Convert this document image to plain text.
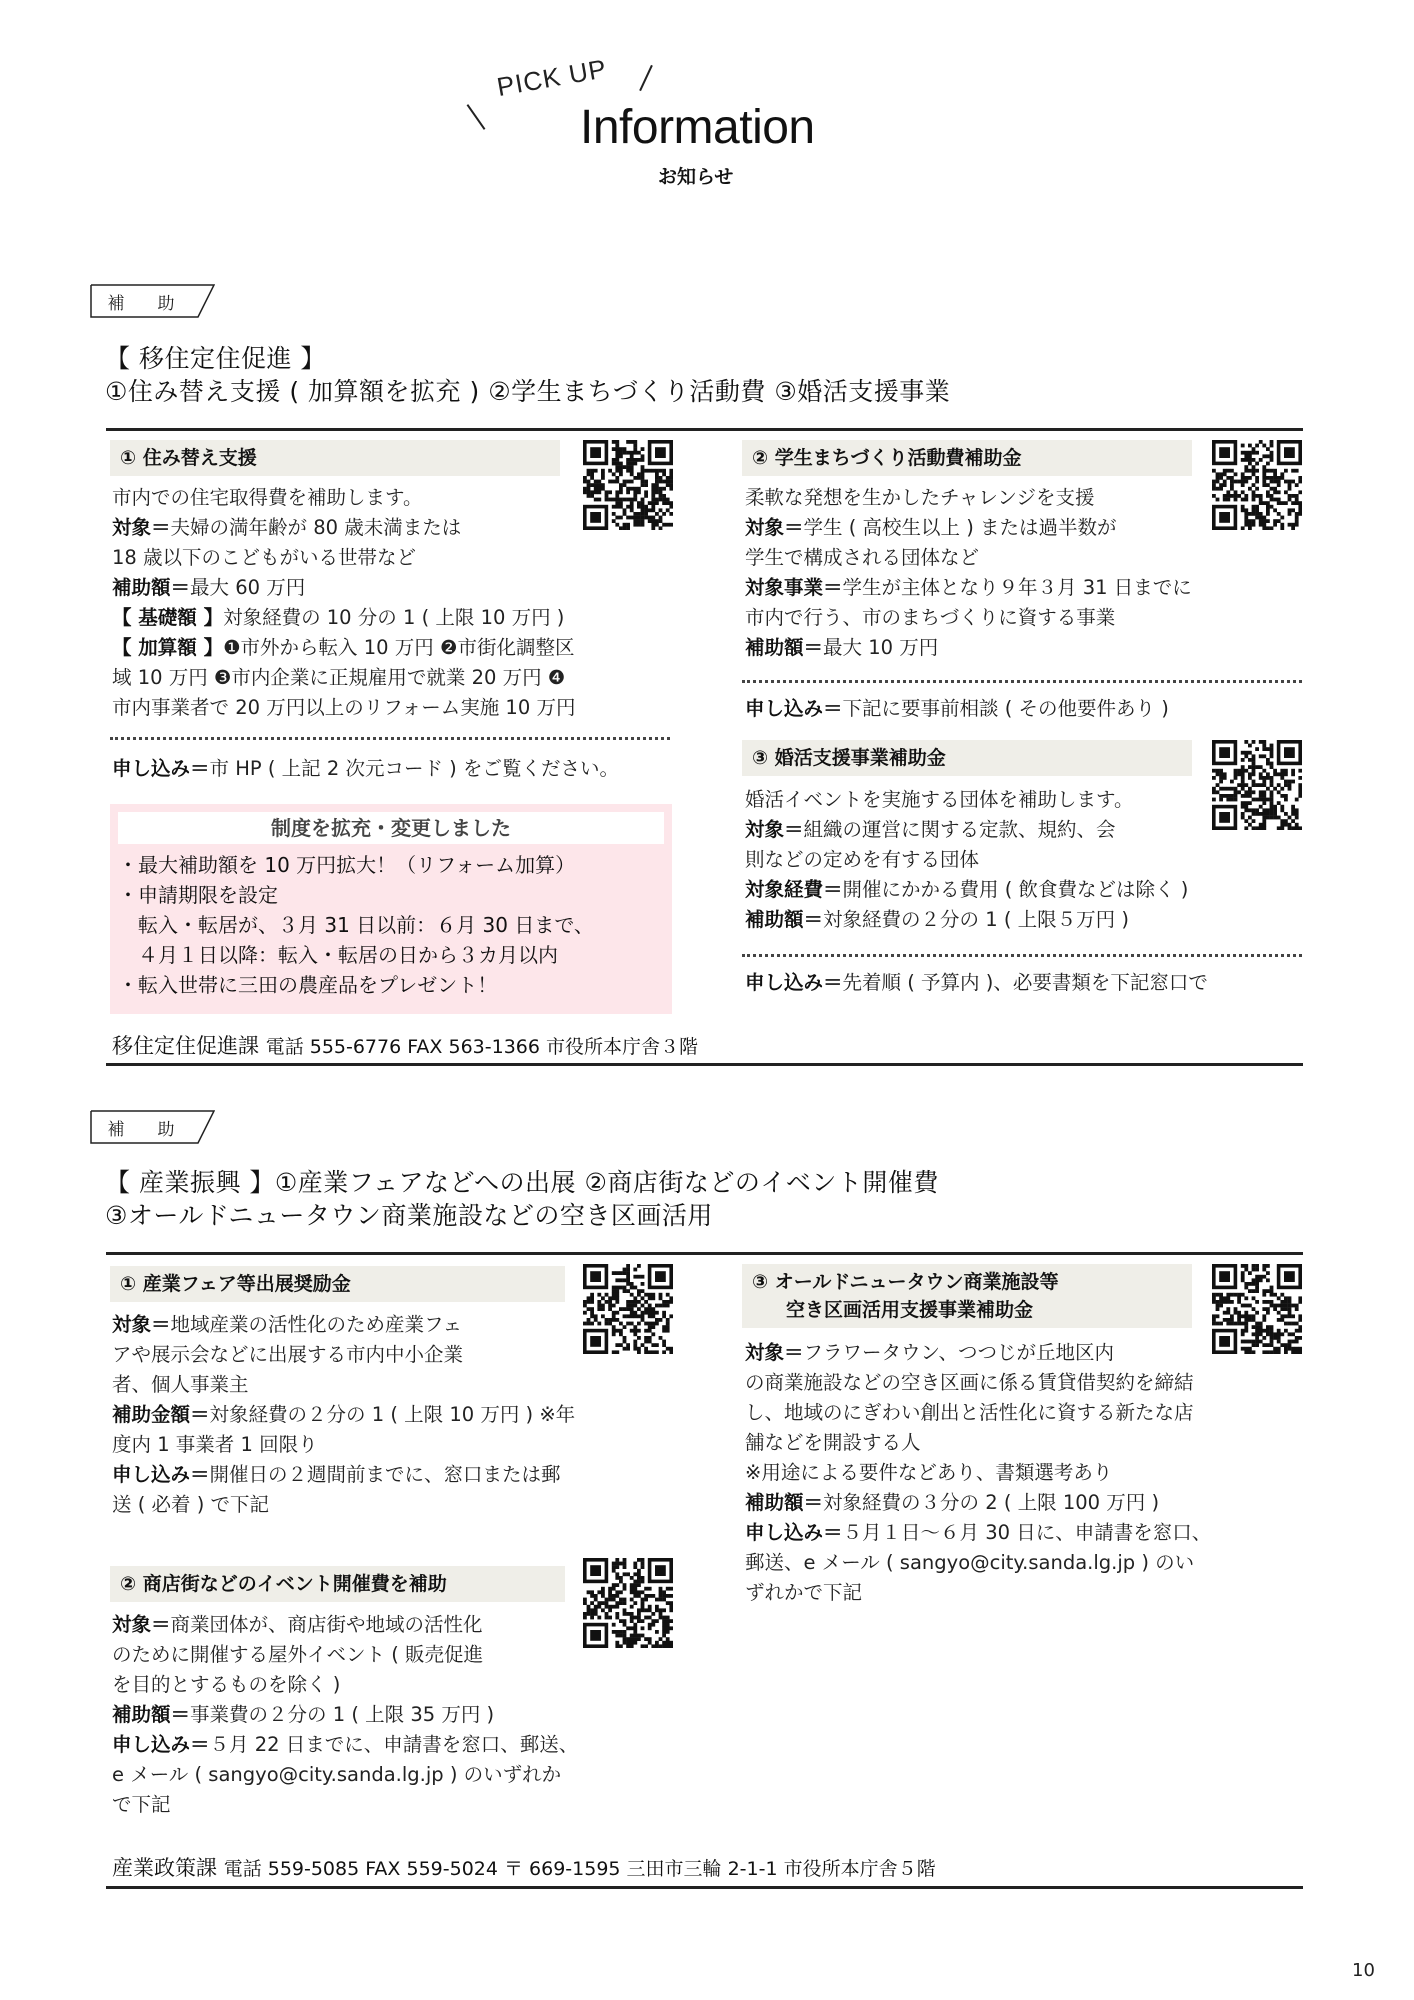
PICK UP
Information
お知らせ
補　助
【 移住定住促進 】
①住み替え支援 ( 加算額を拡充 ) ②学生まちづくり活動費 ③婚活支援事業
① 住み替え支援

市内での住宅取得費を補助します。

対象＝夫婦の満年齢が 80 歳未満または

18 歳以下のこどもがいる世帯など

補助額＝最大 60 万円

【 基礎額 】対象経費の 10 分の 1 ( 上限 10 万円 )

【 加算額 】❶市外から転入 10 万円 ❷市街化調整区

域 10 万円 ❸市内企業に正規雇用で就業 20 万円 ❹

市内事業者で 20 万円以上のリフォーム実施 10 万円

申し込み＝市 HP ( 上記 2 次元コード ) をご覧ください。
制度を拡充・変更しました

・最大補助額を 10 万円拡大！（リフォーム加算）

・申請期限を設定

　転入・転居が、３月 31 日以前：６月 30 日まで、

　４月１日以降：転入・転居の日から３カ月以内

・転入世帯に三田の農産品をプレゼント！

② 学生まちづくり活動費補助金

柔軟な発想を生かしたチャレンジを支援

対象＝学生 ( 高校生以上 ) または過半数が

学生で構成される団体など

対象事業＝学生が主体となり９年３月 31 日までに

市内で行う、市のまちづくりに資する事業

補助額＝最大 10 万円

申し込み＝下記に要事前相談 ( その他要件あり )
③ 婚活支援事業補助金

婚活イベントを実施する団体を補助します。

対象＝組織の運営に関する定款、規約、会

則などの定めを有する団体

対象経費＝開催にかかる費用 ( 飲食費などは除く )

補助額＝対象経費の２分の 1 ( 上限５万円 )

申し込み＝先着順 ( 予算内 )、必要書類を下記窓口で
移住定住促進課 電話 555-6776 FAX 563-1366 市役所本庁舎３階
補　助
【 産業振興 】①産業フェアなどへの出展 ②商店街などのイベント開催費
③オールドニュータウン商業施設などの空き区画活用
① 産業フェア等出展奨励金

対象＝地域産業の活性化のため産業フェ

アや展示会などに出展する市内中小企業

者、個人事業主

補助金額＝対象経費の２分の 1 ( 上限 10 万円 ) ※年

度内 1 事業者 1 回限り

申し込み＝開催日の２週間前までに、窓口または郵

送 ( 必着 ) で下記

② 商店街などのイベント開催費を補助

対象＝商業団体が、商店街や地域の活性化

のために開催する屋外イベント ( 販売促進

を目的とするものを除く )

補助額＝事業費の２分の 1 ( 上限 35 万円 )

申し込み＝５月 22 日までに、申請書を窓口、郵送、

e メール ( sangyo@city.sanda.lg.jp ) のいずれか

で下記

③ オールドニュータウン商業施設等
空き区画活用支援事業補助金

対象＝フラワータウン、つつじが丘地区内

の商業施設などの空き区画に係る賃貸借契約を締結

し、地域のにぎわい創出と活性化に資する新たな店

舗などを開設する人

※用途による要件などあり、書類選考あり

補助額＝対象経費の３分の 2 ( 上限 100 万円 )

申し込み＝５月１日～６月 30 日に、申請書を窓口、

郵送、e メール ( sangyo@city.sanda.lg.jp ) のい

ずれかで下記

産業政策課 電話 559-5085 FAX 559-5024 〒 669-1595 三田市三輪 2-1-1 市役所本庁舎５階
10
